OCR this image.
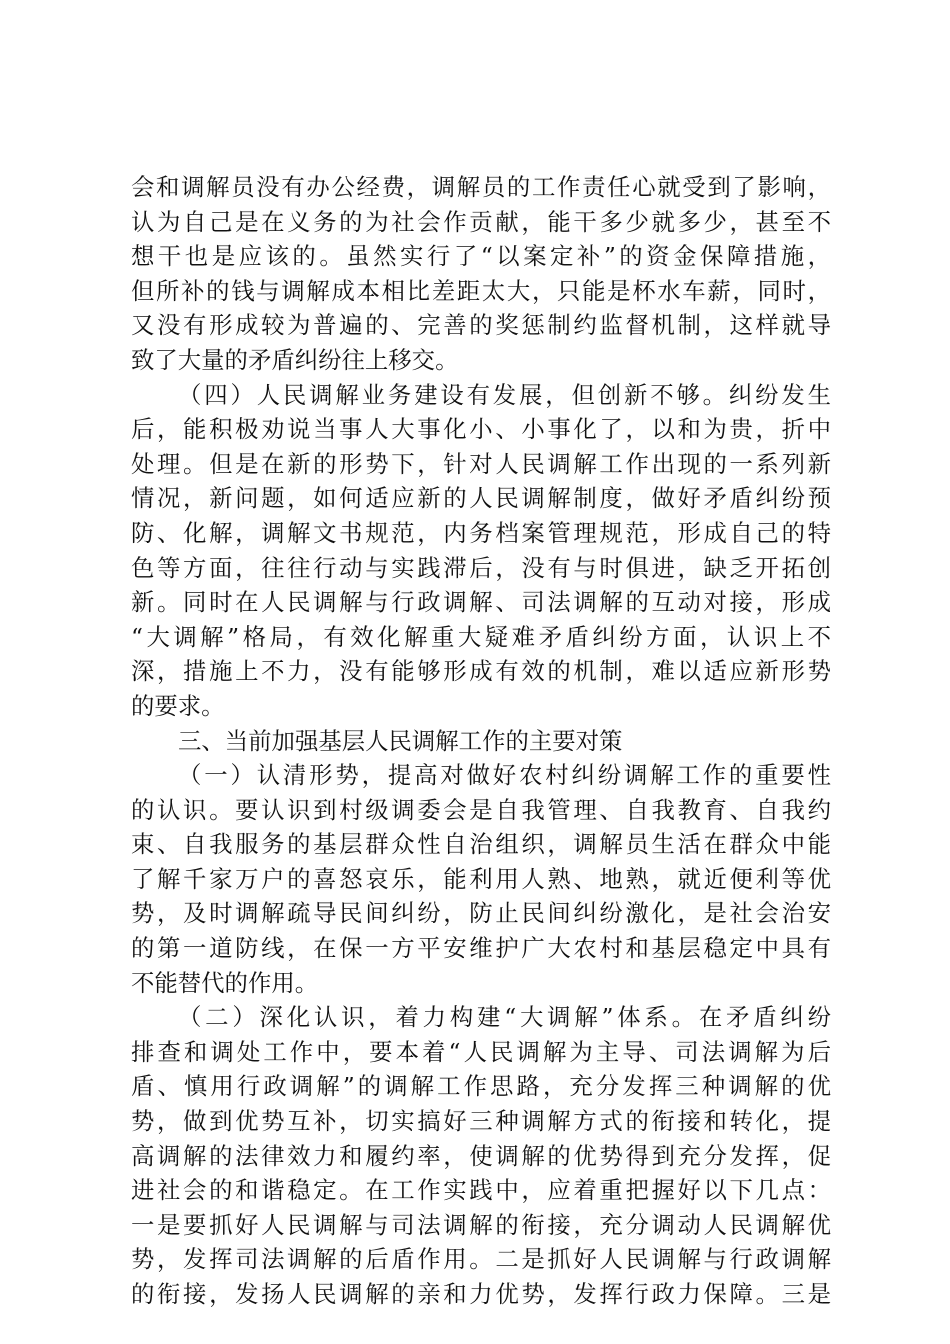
会和调解员没有办公经费，调解员的工作责任心就受到了影响，
认为自己是在义务的为社会作贡献，能干多少就多少，甚至不
想干也是应该的。虽然实行了“以案定补”的资金保障措施，
但所补的钱与调解成本相比差距太大，只能是杯水车薪，同时，
又没有形成较为普遍的、完善的奖惩制约监督机制，这样就导
致了大量的矛盾纠纷往上移交。
（四）人民调解业务建设有发展，但创新不够。纠纷发生
后，能积极劝说当事人大事化小、小事化了，以和为贵，折中
处理。但是在新的形势下，针对人民调解工作出现的一系列新
情况，新问题，如何适应新的人民调解制度，做好矛盾纠纷预
防、化解，调解文书规范，内务档案管理规范，形成自己的特
色等方面，往往行动与实践滞后，没有与时俱进，缺乏开拓创
新。同时在人民调解与行政调解、司法调解的互动对接，形成
“大调解”格局，有效化解重大疑难矛盾纠纷方面，认识上不
深，措施上不力，没有能够形成有效的机制，难以适应新形势
的要求。
三、当前加强基层人民调解工作的主要对策
（一）认清形势，提高对做好农村纠纷调解工作的重要性
的认识。要认识到村级调委会是自我管理、自我教育、自我约
束、自我服务的基层群众性自治组织，调解员生活在群众中能
了解千家万户的喜怒哀乐，能利用人熟、地熟，就近便利等优
势，及时调解疏导民间纠纷，防止民间纠纷激化，是社会治安
的第一道防线，在保一方平安维护广大农村和基层稳定中具有
不能替代的作用。
（二）深化认识，着力构建“大调解”体系。在矛盾纠纷
排查和调处工作中，要本着“人民调解为主导、司法调解为后
盾、慎用行政调解”的调解工作思路，充分发挥三种调解的优
势，做到优势互补，切实搞好三种调解方式的衔接和转化，提
高调解的法律效力和履约率，使调解的优势得到充分发挥，促
进社会的和谐稳定。在工作实践中，应着重把握好以下几点：
一是要抓好人民调解与司法调解的衔接，充分调动人民调解优
势，发挥司法调解的后盾作用。二是抓好人民调解与行政调解
的衔接，发扬人民调解的亲和力优势，发挥行政力保障。三是
